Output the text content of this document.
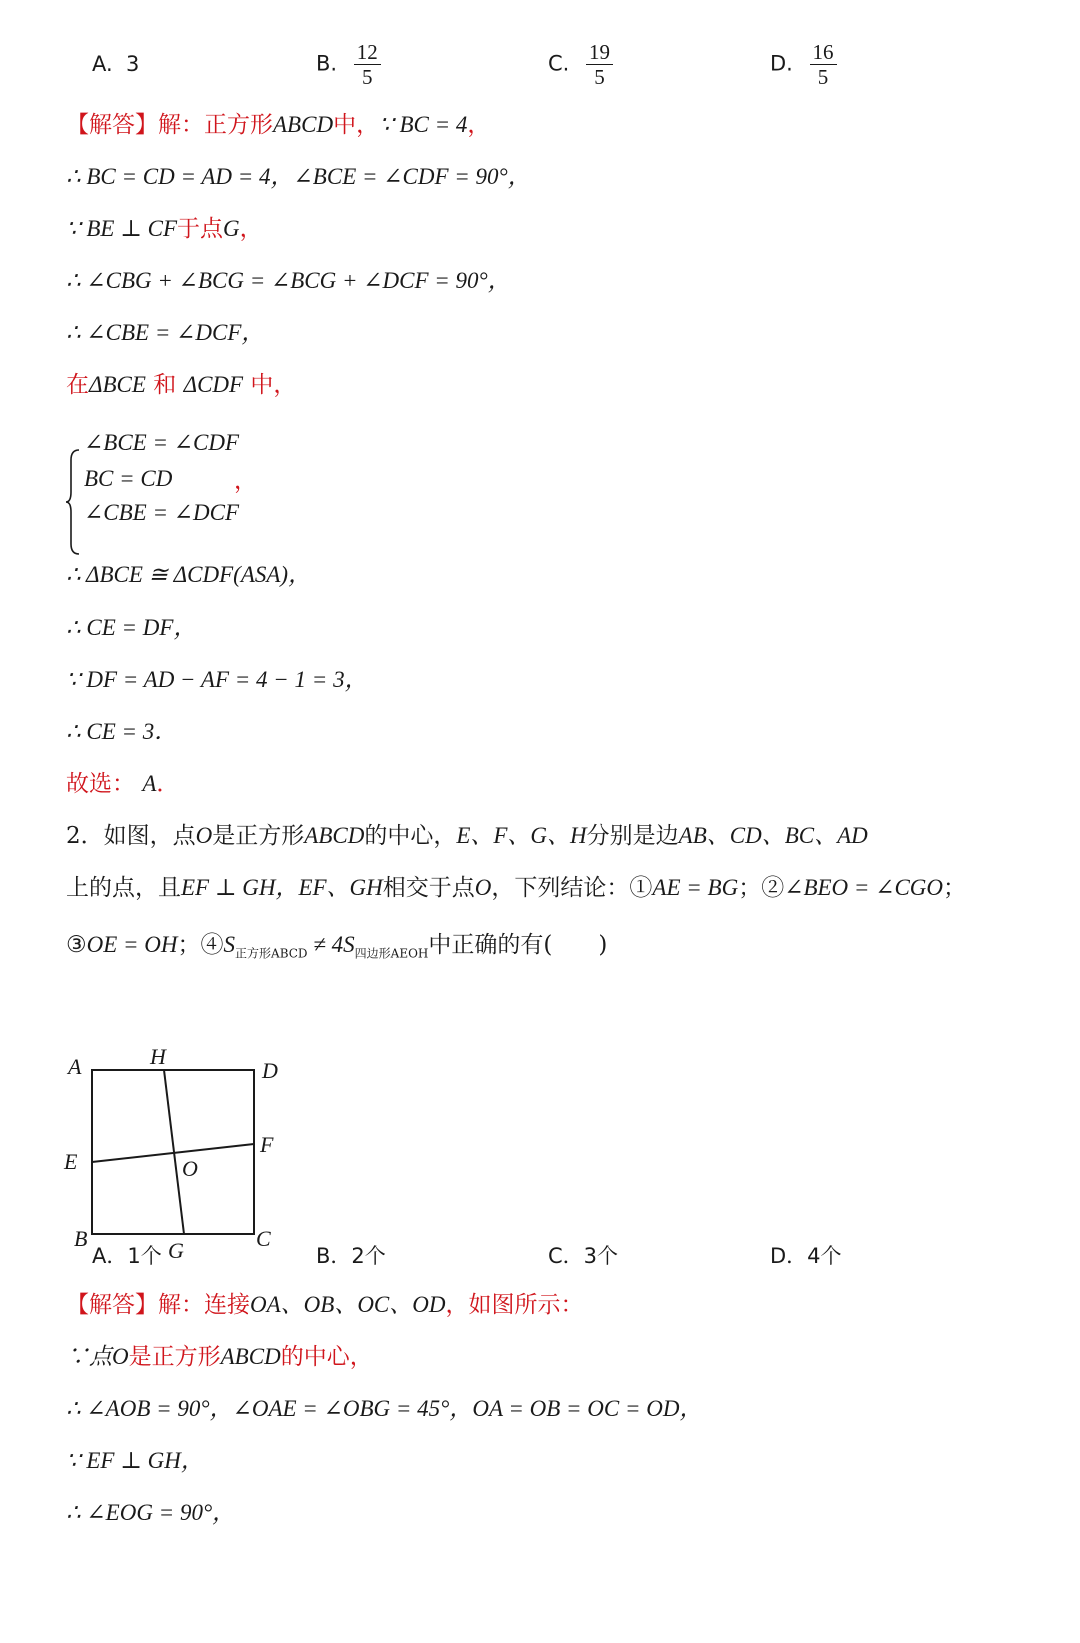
A. 3	B. $\frac{12}{5}$	C. $\frac{19}{5}$	D. $\frac{16}{5}$
【解答】解：正方形ABCD中，∵ BC = 4，
∴ BC = CD = AD = 4，∠BCE = ∠CDF = 90°，
∵ BE ⊥ CF于点G，
∴ ∠CBG + ∠BCG = ∠BCG + ∠DCF = 90°，
∴ ∠CBE = ∠DCF，
在ΔBCE 和 ΔCDF 中，
∠BCE = ∠CDF
BC = CD
∠CBE = ∠DCF
，
∴ ΔBCE ≅ ΔCDF(ASA)，
∴ CE = DF，
∵ DF = AD − AF = 4 − 1 = 3，
∴ CE = 3．
故选： A．
2．如图，点O是正方形ABCD的中心，E、F、G、H分别是边AB、CD、BC、AD
上的点，且EF ⊥ GH，EF、GH相交于点O，下列结论：①AE = BG；②∠BEO = ∠CGO；
③OE = OH；$④S_{正方形ABCD} \ne 4S_{四边形AEOH}$中正确的有(　　)
A	H
D
E
F
O
B	G	C
A．1个	B．2个	C．3个	D．4个
【解答】解：连接OA、OB、OC、OD，如图所示：
∵点O是正方形ABCD的中心，
∴ ∠AOB = 90°，∠OAE = ∠OBG = 45°，OA = OB = OC = OD，
∵ EF ⊥ GH，
∴ ∠EOG = 90°，
